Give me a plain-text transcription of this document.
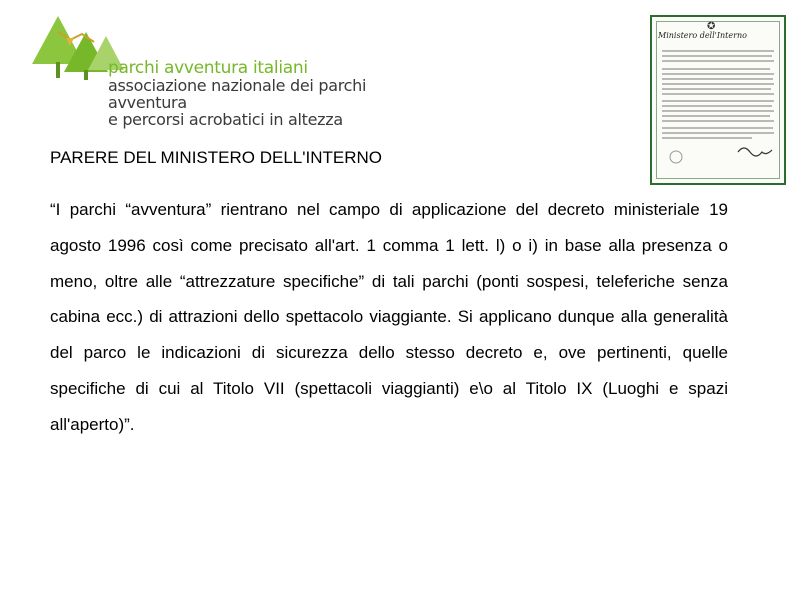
parchi avventura italiani
associazione nazionale dei parchi avventura
e percorsi acrobatici in altezza
✪
Ministero dell'Interno
PARERE DEL MINISTERO DELL'INTERNO

“I parchi “avventura” rientrano nel campo di applicazione del decreto ministeriale 19 agosto 1996 così come precisato all'art. 1 comma 1 lett. l) o i) in base alla presenza o meno, oltre alle “attrezzature specifiche” di tali parchi (ponti sospesi, teleferiche senza cabina ecc.) di attrazioni dello spettacolo viaggiante. Si applicano dunque alla generalità del parco le indicazioni di sicurezza dello stesso decreto e, ove pertinenti, quelle specifiche di cui al Titolo VII (spettacoli viaggianti) e\o al Titolo IX (Luoghi e spazi all'aperto)”.
